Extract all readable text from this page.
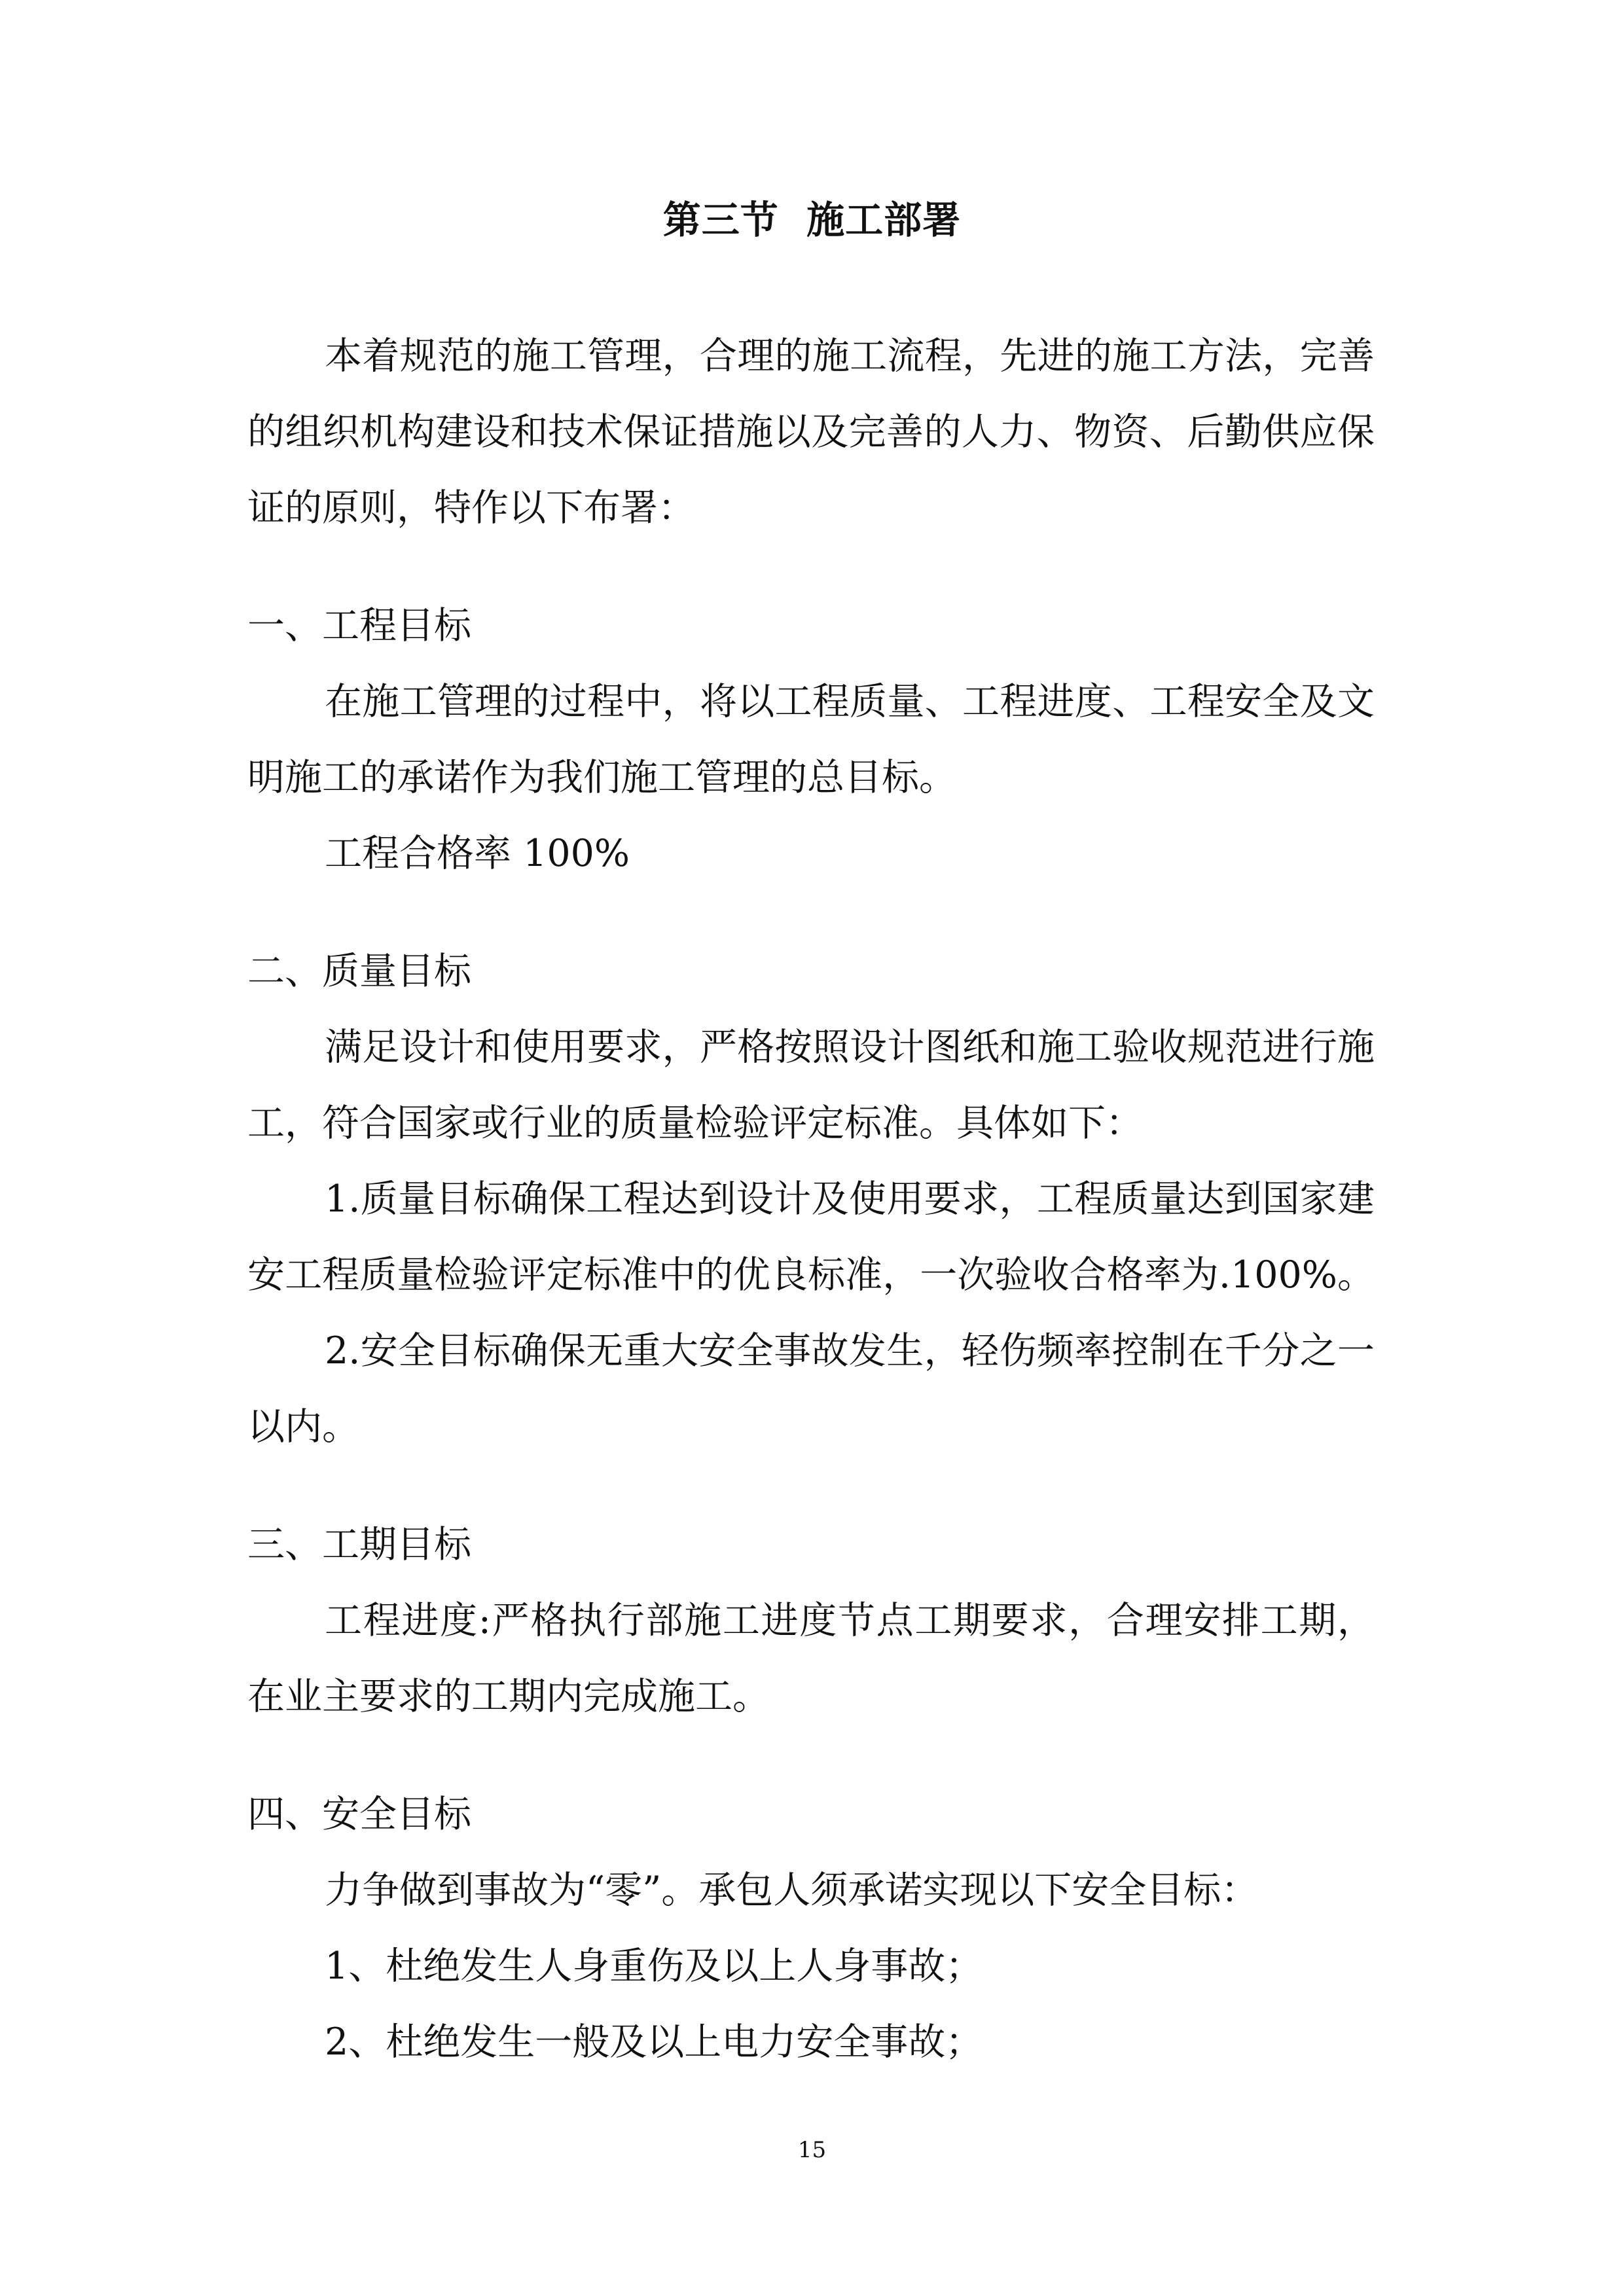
第三节  施工部署

本着规范的施工管理，合理的施工流程，先进的施工方法，完善

的组织机构建设和技术保证措施以及完善的人力、物资、后勤供应保

证的原则，特作以下布署：

一、工程目标

在施工管理的过程中，将以工程质量、工程进度、工程安全及文

明施工的承诺作为我们施工管理的总目标。

工程合格率 100%

二、质量目标

满足设计和使用要求，严格按照设计图纸和施工验收规范进行施

工，符合国家或行业的质量检验评定标准。具体如下：

1.质量目标确保工程达到设计及使用要求，工程质量达到国家建

安工程质量检验评定标准中的优良标准，一次验收合格率为.100%。

2.安全目标确保无重大安全事故发生，轻伤频率控制在千分之一

以内。

三、工期目标

工程进度:严格执行部施工进度节点工期要求，合理安排工期，

在业主要求的工期内完成施工。

四、安全目标

力争做到事故为“零”。承包人须承诺实现以下安全目标：

1、杜绝发生人身重伤及以上人身事故；

2、杜绝发生一般及以上电力安全事故；

15
